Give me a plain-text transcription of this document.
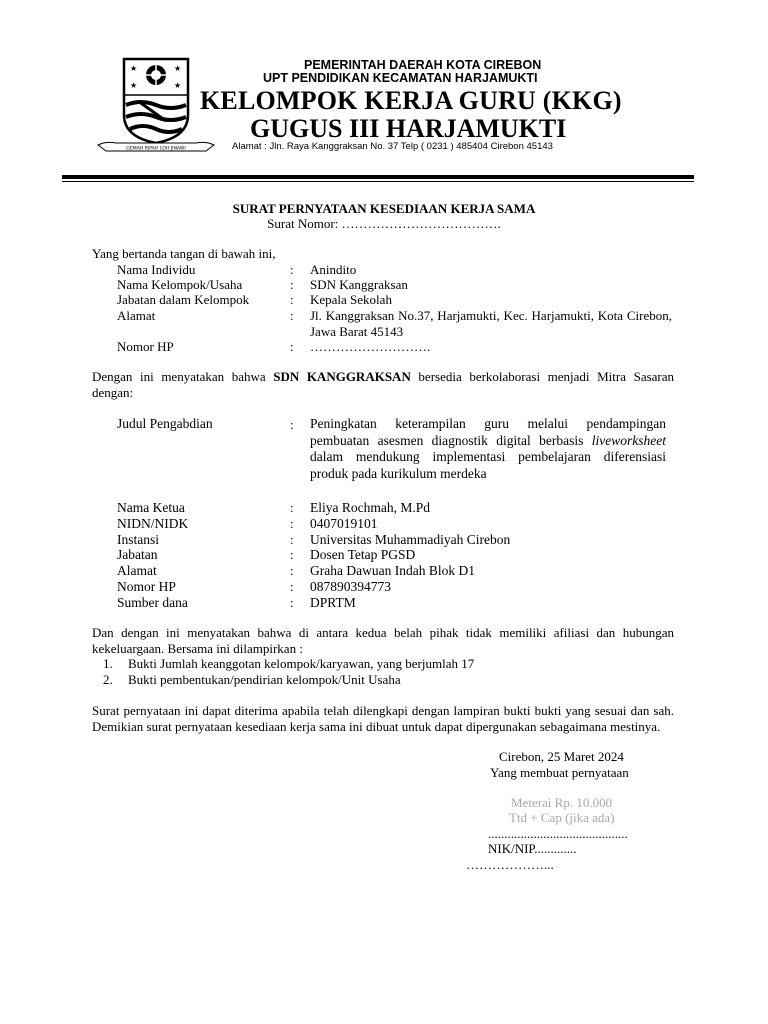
★	★
★	★
GEMAH RIPAH LOH JINAWI
PEMERINTAH DAERAH KOTA CIREBON
UPT PENDIDIKAN KECAMATAN HARJAMUKTI
KELOMPOK KERJA GURU (KKG)
GUGUS III HARJAMUKTI
Alamat : Jln. Raya Kanggraksan No. 37 Telp ( 0231 ) 485404 Cirebon 45143
SURAT PERNYATAAN KESEDIAAN KERJA SAMA
Surat Nomor: ……………………………….
Yang bertanda tangan di bawah ini,
Nama Individu	: Anindito
Nama Kelompok/Usaha	: SDN Kanggraksan
Jabatan dalam Kelompok	: Kepala Sekolah
Alamat	: Jl. Kanggraksan No.37, Harjamukti, Kec. Harjamukti, Kota Cirebon, Jawa Barat 45143
Nomor HP	: ……………………….
Dengan ini menyatakan bahwa SDN KANGGRAKSAN bersedia berkolaborasi menjadi Mitra Sasaran dengan:
Judul Pengabdian	: Peningkatan keterampilan guru melalui pendampingan pembuatan asesmen diagnostik digital berbasis liveworksheet dalam mendukung implementasi pembelajaran diferensiasi produk pada kurikulum merdeka
Nama Ketua	: Eliya Rochmah, M.Pd
NIDN/NIDK	: 0407019101
Instansi	: Universitas Muhammadiyah Cirebon
Jabatan	: Dosen Tetap PGSD
Alamat	: Graha Dawuan Indah Blok D1
Nomor HP	: 087890394773
Sumber dana	: DPRTM
Dan dengan ini menyatakan bahwa di antara kedua belah pihak tidak memiliki afiliasi dan hubungan kekeluargaan. Bersama ini dilampirkan :
1. Bukti Jumlah keanggotan kelompok/karyawan, yang berjumlah 17
2. Bukti pembentukan/pendirian kelompok/Unit Usaha
Surat pernyataan ini dapat diterima apabila telah dilengkapi dengan lampiran bukti bukti yang sesuai dan sah. Demikian surat pernyataan kesediaan kerja sama ini dibuat untuk dapat dipergunakan sebagaimana mestinya.
Cirebon, 25 Maret 2024
Yang membuat pernyataan
Meterai Rp. 10.000
Ttd + Cap (jika ada)
...........................................
NIK/NIP.............
………………...
